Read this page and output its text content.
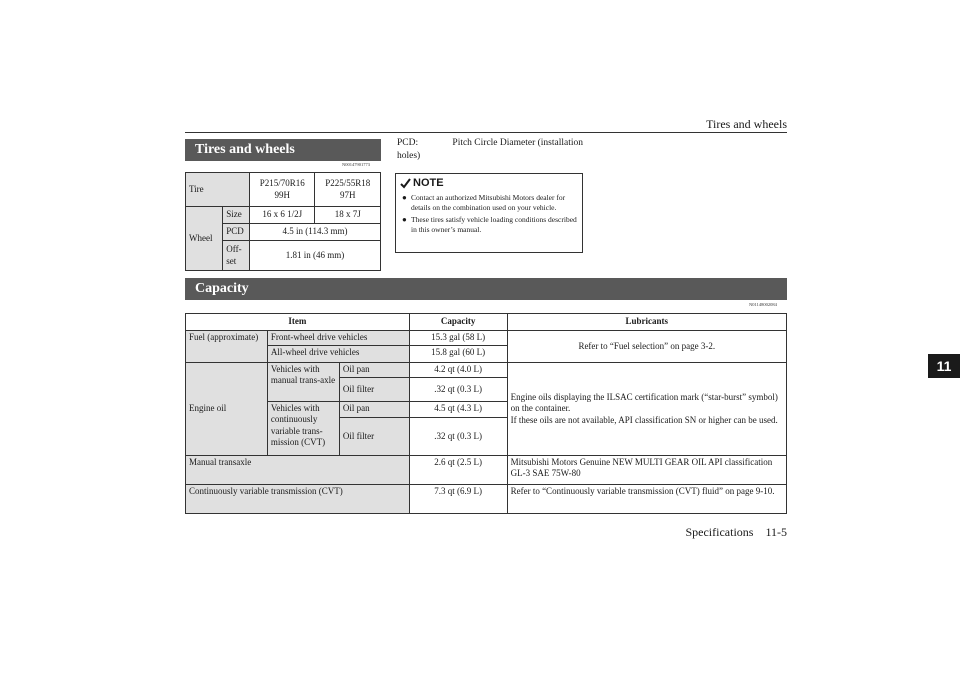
Tires and wheels
Tires and wheels
N00147901773
Tire		P215/70R16 99H	P225/55R18 97H
Wheel	Size	16 x 6 1/2J	18 x 7J
	PCD	4.5 in (114.3 mm)	
	Off-set	1.81 in (46 mm)	
PCD:	Pitch Circle Diameter (installation
holes)
NOTE
● Contact an authorized Mitsubishi Motors dealer for details on the combination used on your vehicle.
● These tires satisfy vehicle loading conditions described in this owner’s manual.
Capacity
N01148002084
Item			Capacity	Lubricants
Fuel (approximate)	Front-wheel drive vehicles		15.3 gal (58 L)	Refer to “Fuel selection” on page 3-2.
	All-wheel drive vehicles		15.8 gal (60 L)	
Engine oil	Vehicles with manual trans-axle	Oil pan	4.2 qt (4.0 L)	Engine oils displaying the ILSAC certification mark (“star-burst” symbol) on the container.
If these oils are not available, API classification SN or higher can be used.

		Oil filter	.32 qt (0.3 L)	
	Vehicles with continuously variable trans-mission (CVT)	Oil pan	4.5 qt (4.3 L)	
		Oil filter	.32 qt (0.3 L)	
Manual transaxle			2.6 qt (2.5 L)	Mitsubishi Motors Genuine NEW MULTI GEAR OIL API classification GL-3 SAE 75W-80
Continuously variable transmission (CVT)			7.3 qt (6.9 L)	Refer to “Continuously variable transmission (CVT) fluid” on page 9-10.
11
Specifications    11-5
